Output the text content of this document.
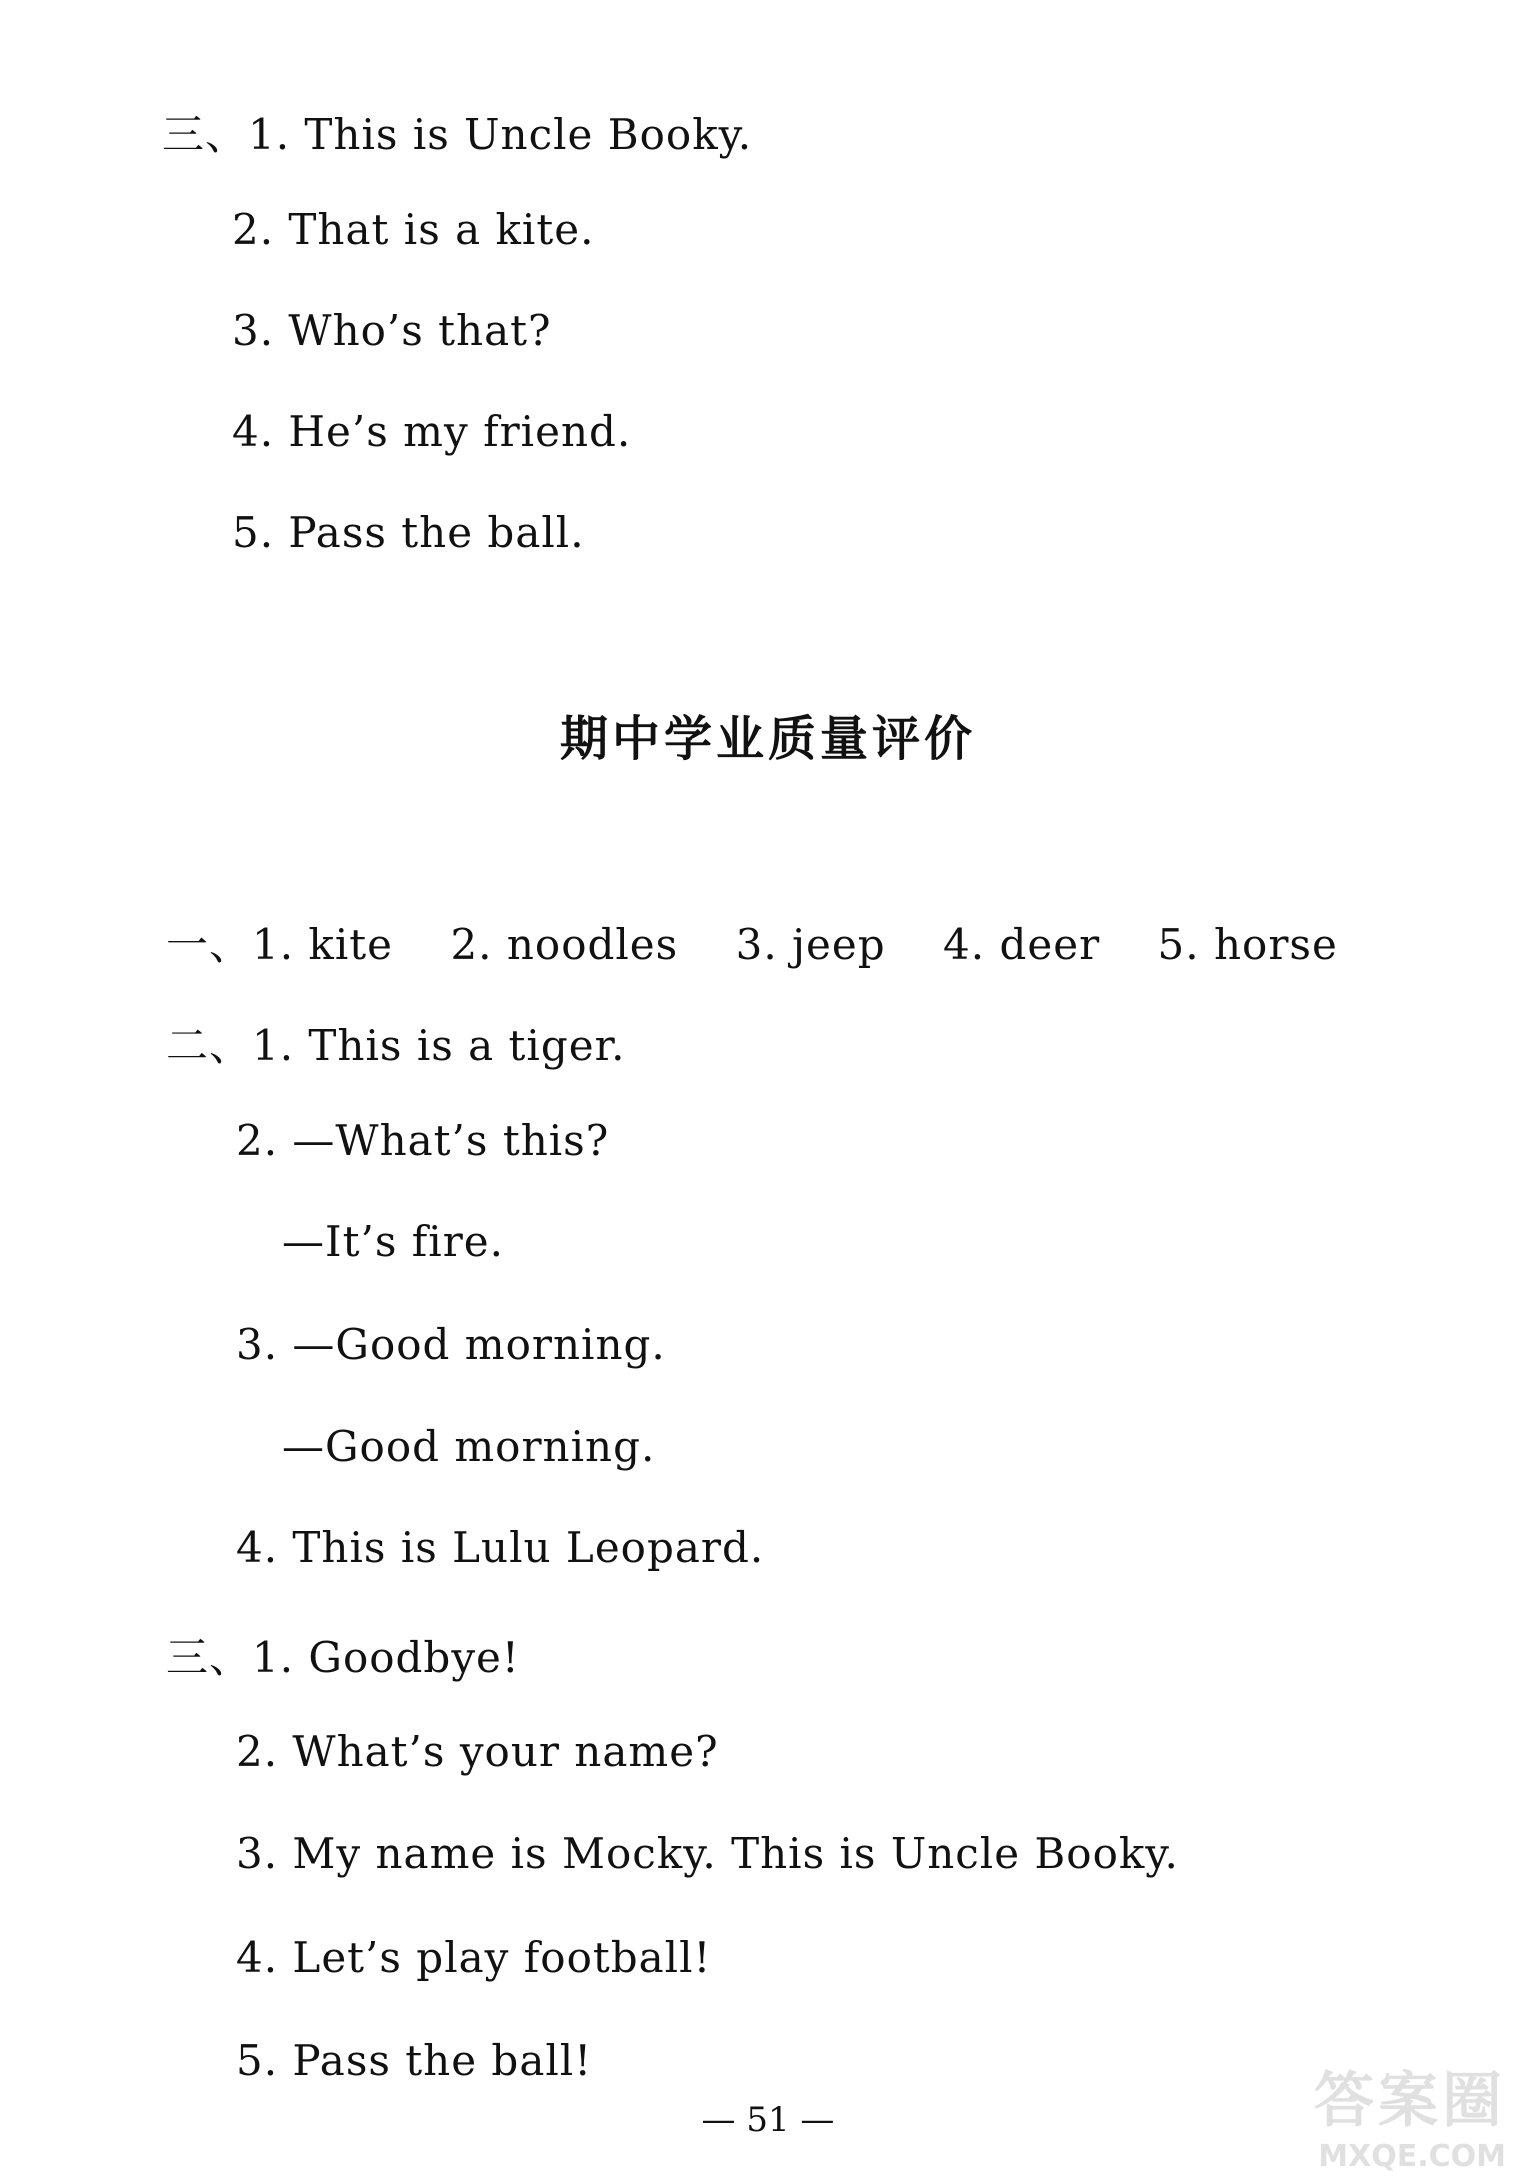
三、1. This is Uncle Booky.
2. That is a kite.
3. Who’s that?
4. He’s my friend.
5. Pass the ball.
期中学业质量评价
一、1. kite    2. noodles    3. jeep    4. deer    5. horse
二、1. This is a tiger.
2. —What’s this?
—It’s fire.
3. —Good morning.
—Good morning.
4. This is Lulu Leopard.
三、1. Goodbye!
2. What’s your name?
3. My name is Mocky. This is Uncle Booky.
4. Let’s play football!
5. Pass the ball!
— 51 —	答案圈
MXQE.COM
